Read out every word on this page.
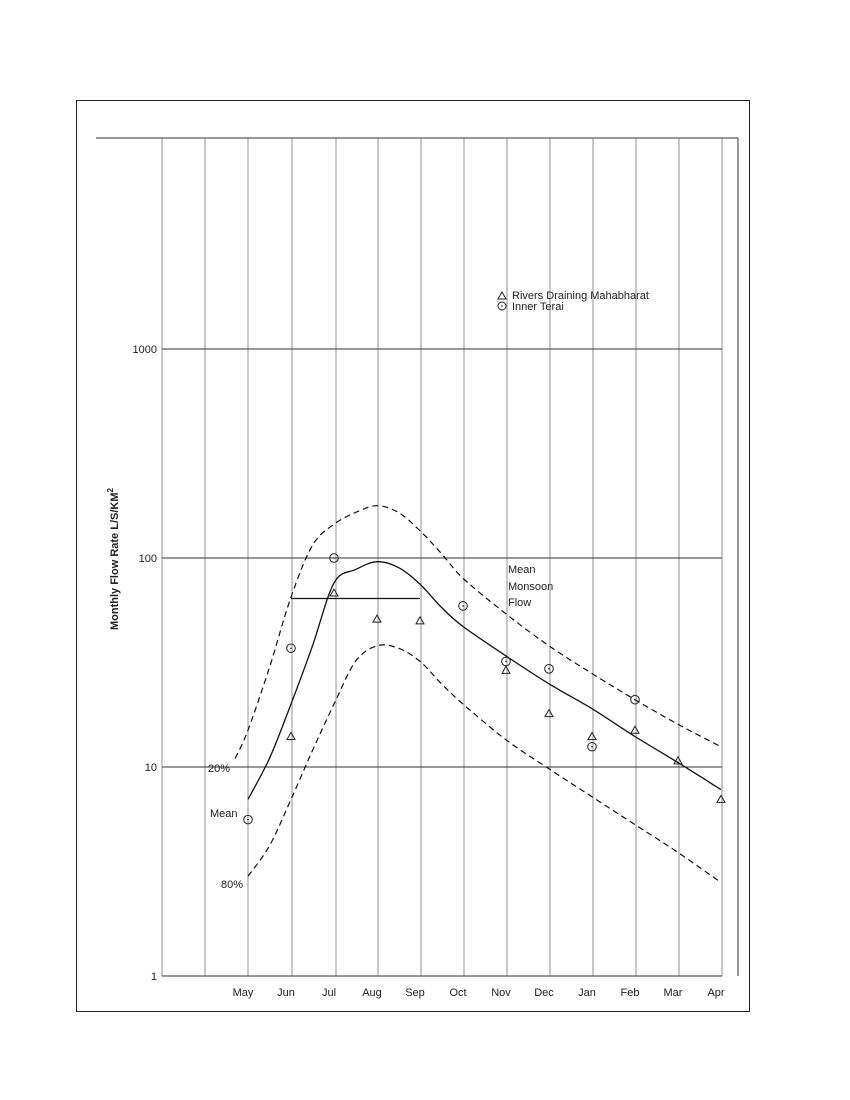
1
10
100
1000
May Jun Jul Aug Sep Oct Nov Dec Jan Feb Mar Apr
Monthly Flow Rate $L/S/KM^2$
Rivers Draining Mahabharat
Inner Terai
20%
Mean
80%
Mean
Monsoon
Flow
